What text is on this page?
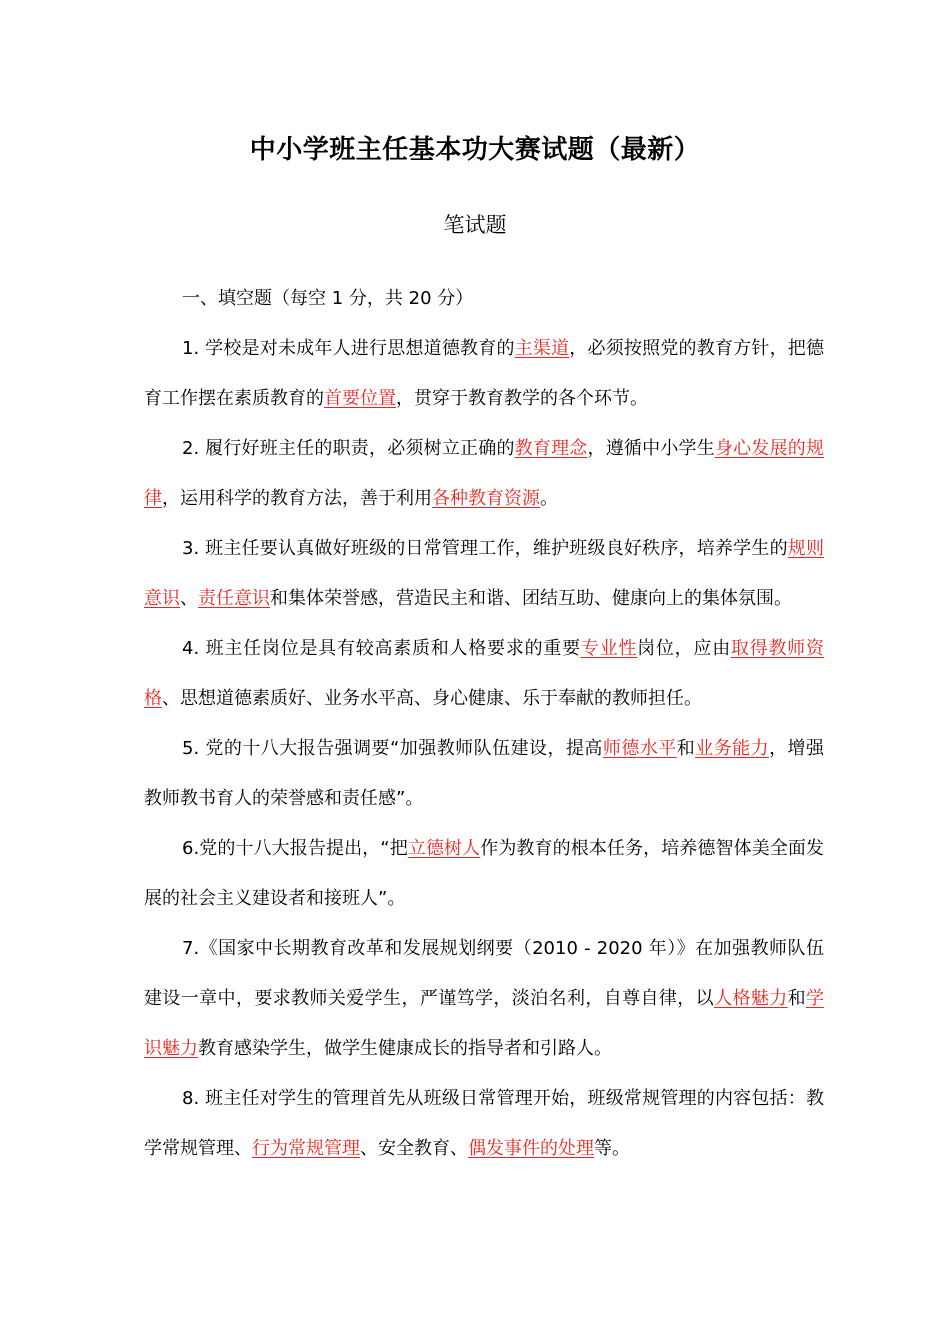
中小学班主任基本功大赛试题（最新）
笔试题

一、填空题（每空 1 分，共 20 分）

1. 学校是对未成年人进行思想道德教育的主渠道，必须按照党的教育方针，把德育工作摆在素质教育的首要位置，贯穿于教育教学的各个环节。

2. 履行好班主任的职责，必须树立正确的教育理念，遵循中小学生身心发展的规律，运用科学的教育方法，善于利用各种教育资源。

3. 班主任要认真做好班级的日常管理工作，维护班级良好秩序，培养学生的规则意识、责任意识和集体荣誉感，营造民主和谐、团结互助、健康向上的集体氛围。

4. 班主任岗位是具有较高素质和人格要求的重要专业性岗位，应由取得教师资格、思想道德素质好、业务水平高、身心健康、乐于奉献的教师担任。

5. 党的十八大报告强调要“加强教师队伍建设，提高师德水平和业务能力，增强教师教书育人的荣誉感和责任感”。

6.党的十八大报告提出，“把立德树人作为教育的根本任务，培养德智体美全面发展的社会主义建设者和接班人”。

7.《国家中长期教育改革和发展规划纲要（2010 - 2020 年）》在加强教师队伍建设一章中，要求教师关爱学生，严谨笃学，淡泊名利，自尊自律，以人格魅力和学识魅力教育感染学生，做学生健康成长的指导者和引路人。

8. 班主任对学生的管理首先从班级日常管理开始，班级常规管理的内容包括：教学常规管理、行为常规管理、安全教育、偶发事件的处理等。
